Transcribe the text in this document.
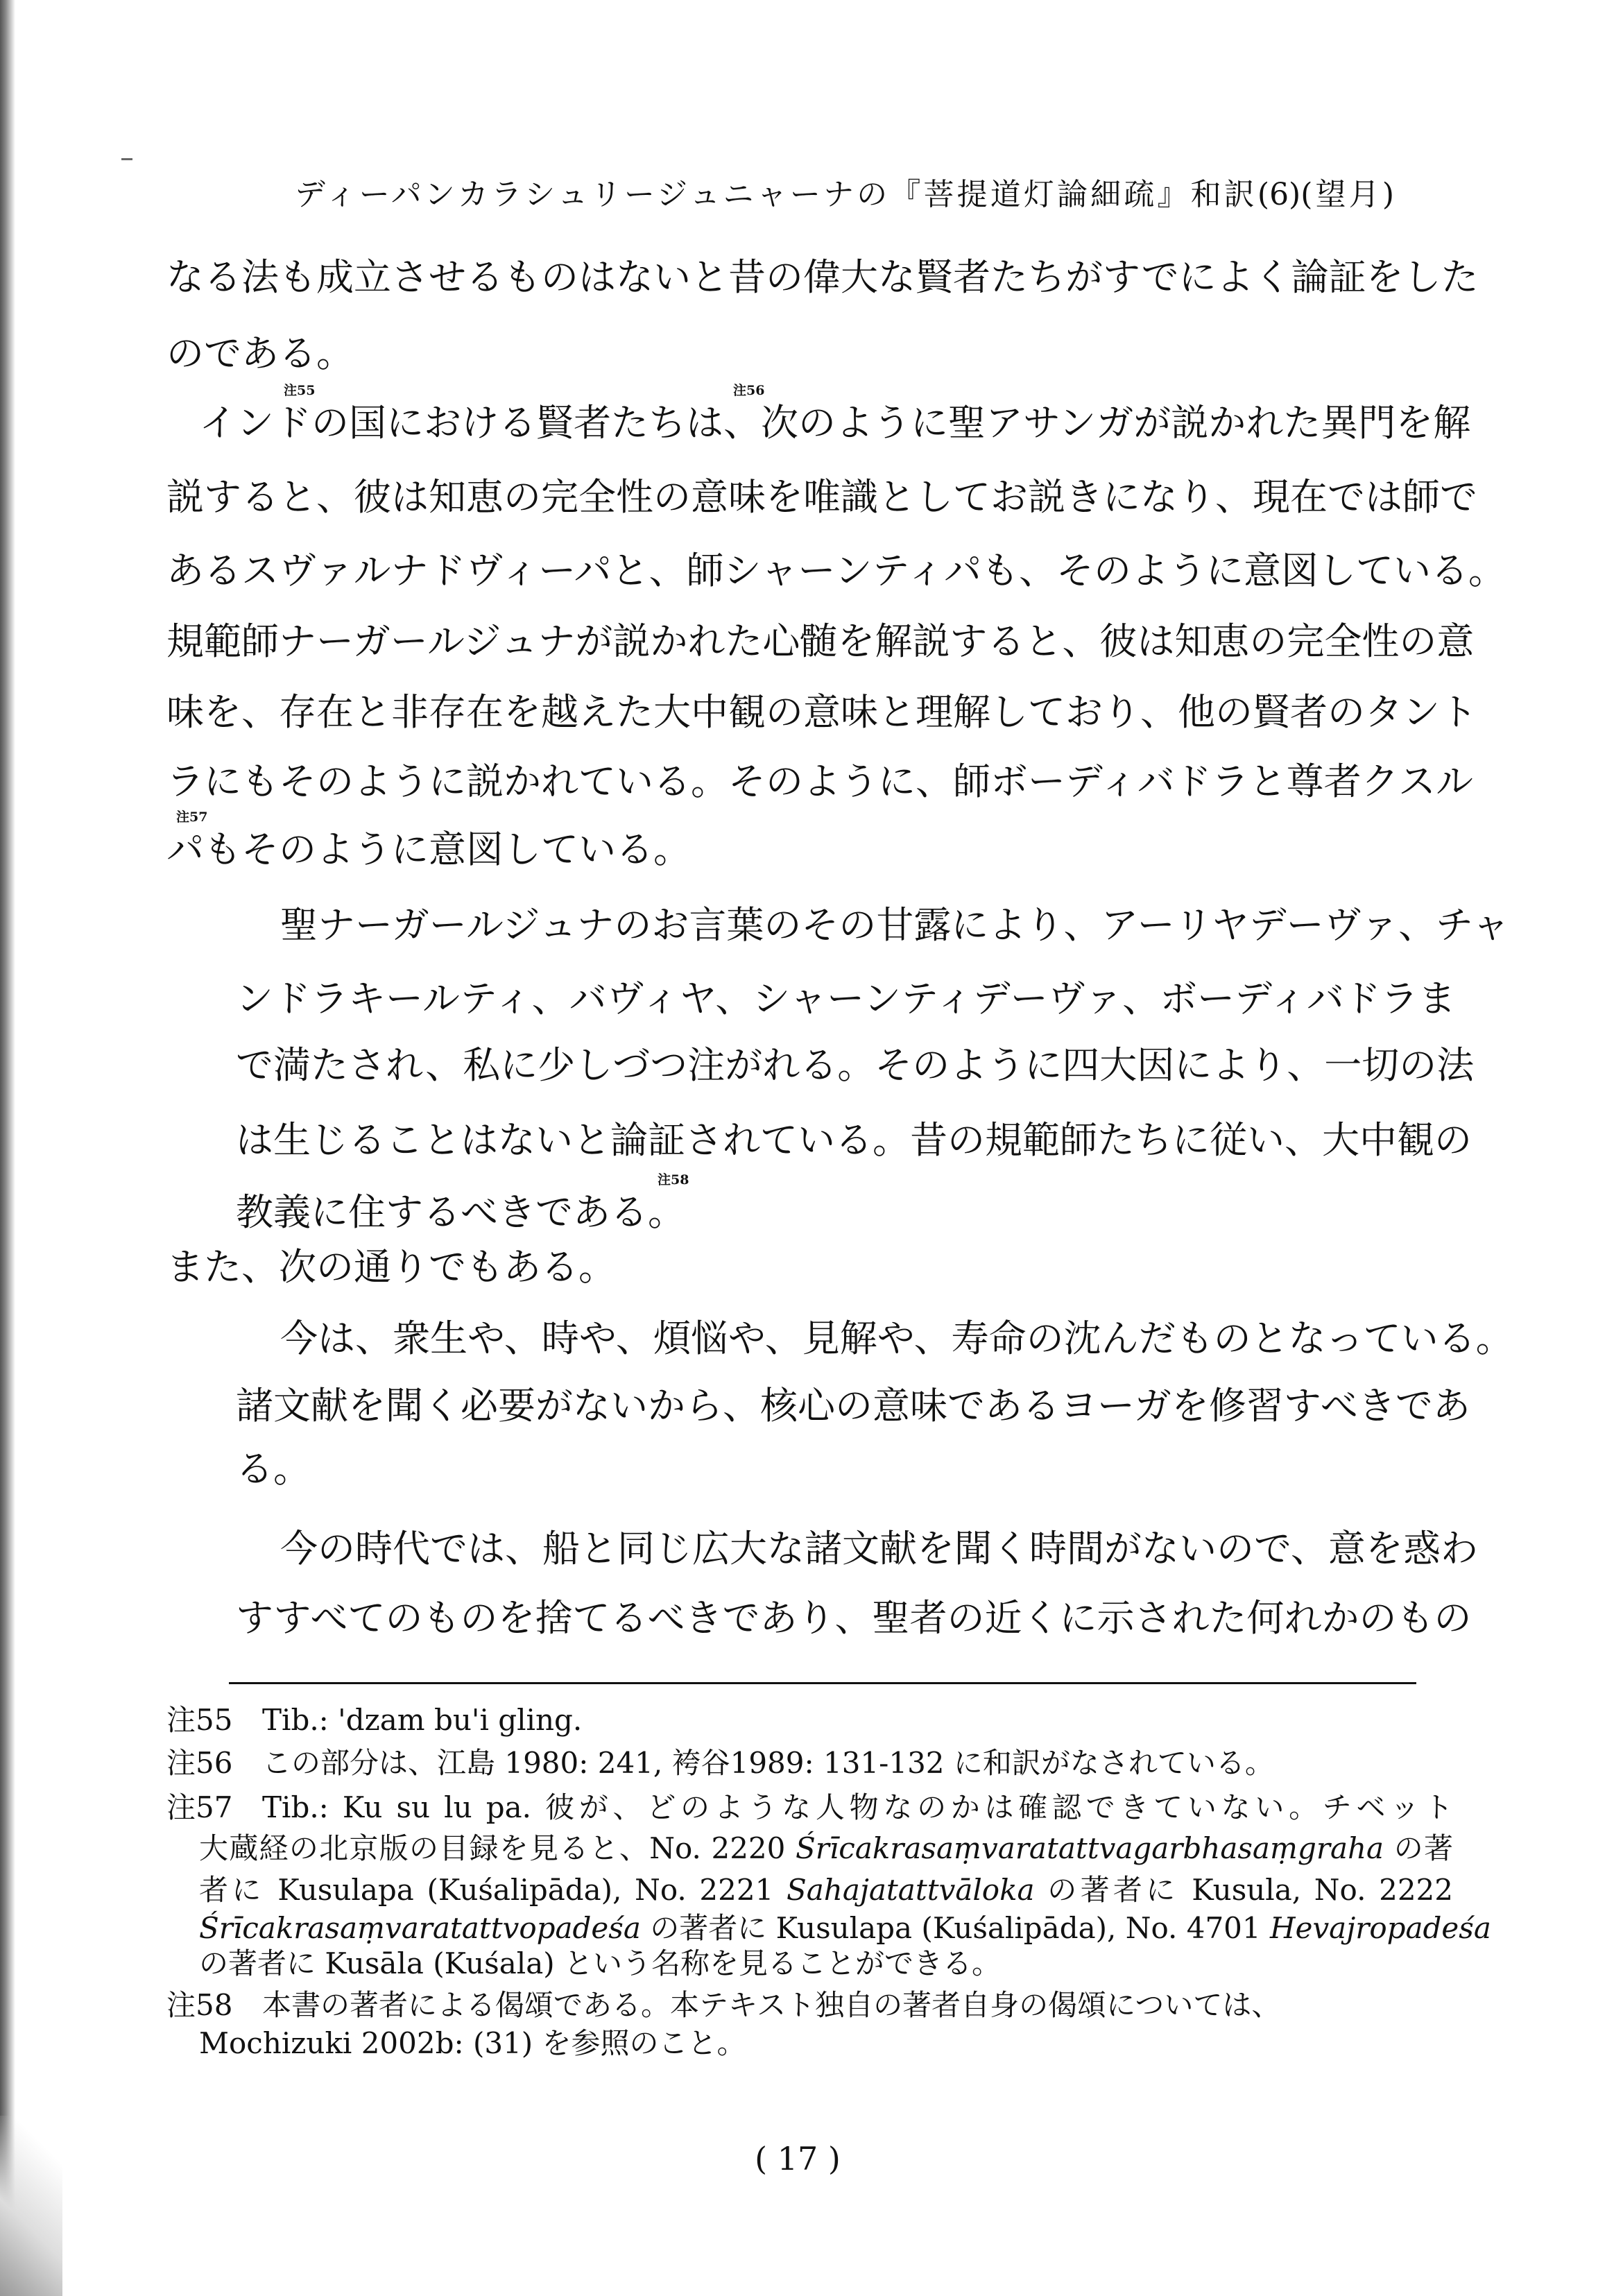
ディーパンカラシュリージュニャーナの『菩提道灯論細疏』和訳(6)(望月)
なる法も成立させるものはないと昔の偉大な賢者たちがすでによく論証をした
のである。
インド
注55
の国における賢者たちは、
注56
次のように聖アサンガが説かれた異門を解
説すると、彼は知恵の完全性の意味を唯識としてお説きになり、現在では師で
あるスヴァルナドヴィーパと、師シャーンティパも、そのように意図している。
規範師ナーガールジュナが説かれた心髄を解説すると、彼は知恵の完全性の意
味を、存在と非存在を越えた大中観の意味と理解しており、他の賢者のタント
ラにもそのように説かれている。そのように、師ボーディバドラと尊者クスル
パ
注57
もそのように意図している。
聖ナーガールジュナのお言葉のその甘露により、アーリヤデーヴァ、チャ
ンドラキールティ、バヴィヤ、シャーンティデーヴァ、ボーディバドラま
で満たされ、私に少しづつ注がれる。そのように四大因により、一切の法
は生じることはないと論証されている。昔の規範師たちに従い、大中観の
教義に住するべきである。
注58
また、次の通りでもある。
今は、衆生や、時や、煩悩や、見解や、寿命の沈んだものとなっている。
諸文献を聞く必要がないから、核心の意味であるヨーガを修習すべきであ
る。
今の時代では、船と同じ広大な諸文献を聞く時間がないので、意を惑わ
すすべてのものを捨てるべきであり、聖者の近くに示された何れかのもの
注55 Tib.: 'dzam bu'i gling.
注56 この部分は、江島 1980: 241, 袴谷1989: 131-132 に和訳がなされている。
注57 Tib.: Ku su lu pa. 彼が、どのような人物なのかは確認できていない。チベット
大蔵経の北京版の目録を見ると、No. 2220 Śrīcakrasaṃvaratattvagarbhasaṃgraha の著
者に Kusulapa (Kuśalipāda), No. 2221 Sahajatattvāloka の著者に Kusula, No. 2222
Śrīcakrasaṃvaratattvopadeśa の著者に Kusulapa (Kuśalipāda), No. 4701 Hevajropadeśa
の著者に Kusāla (Kuśala) という名称を見ることができる。
注58 本書の著者による偈頌である。本テキスト独自の著者自身の偈頌については、
Mochizuki 2002b: (31) を参照のこと。
( 17 )
